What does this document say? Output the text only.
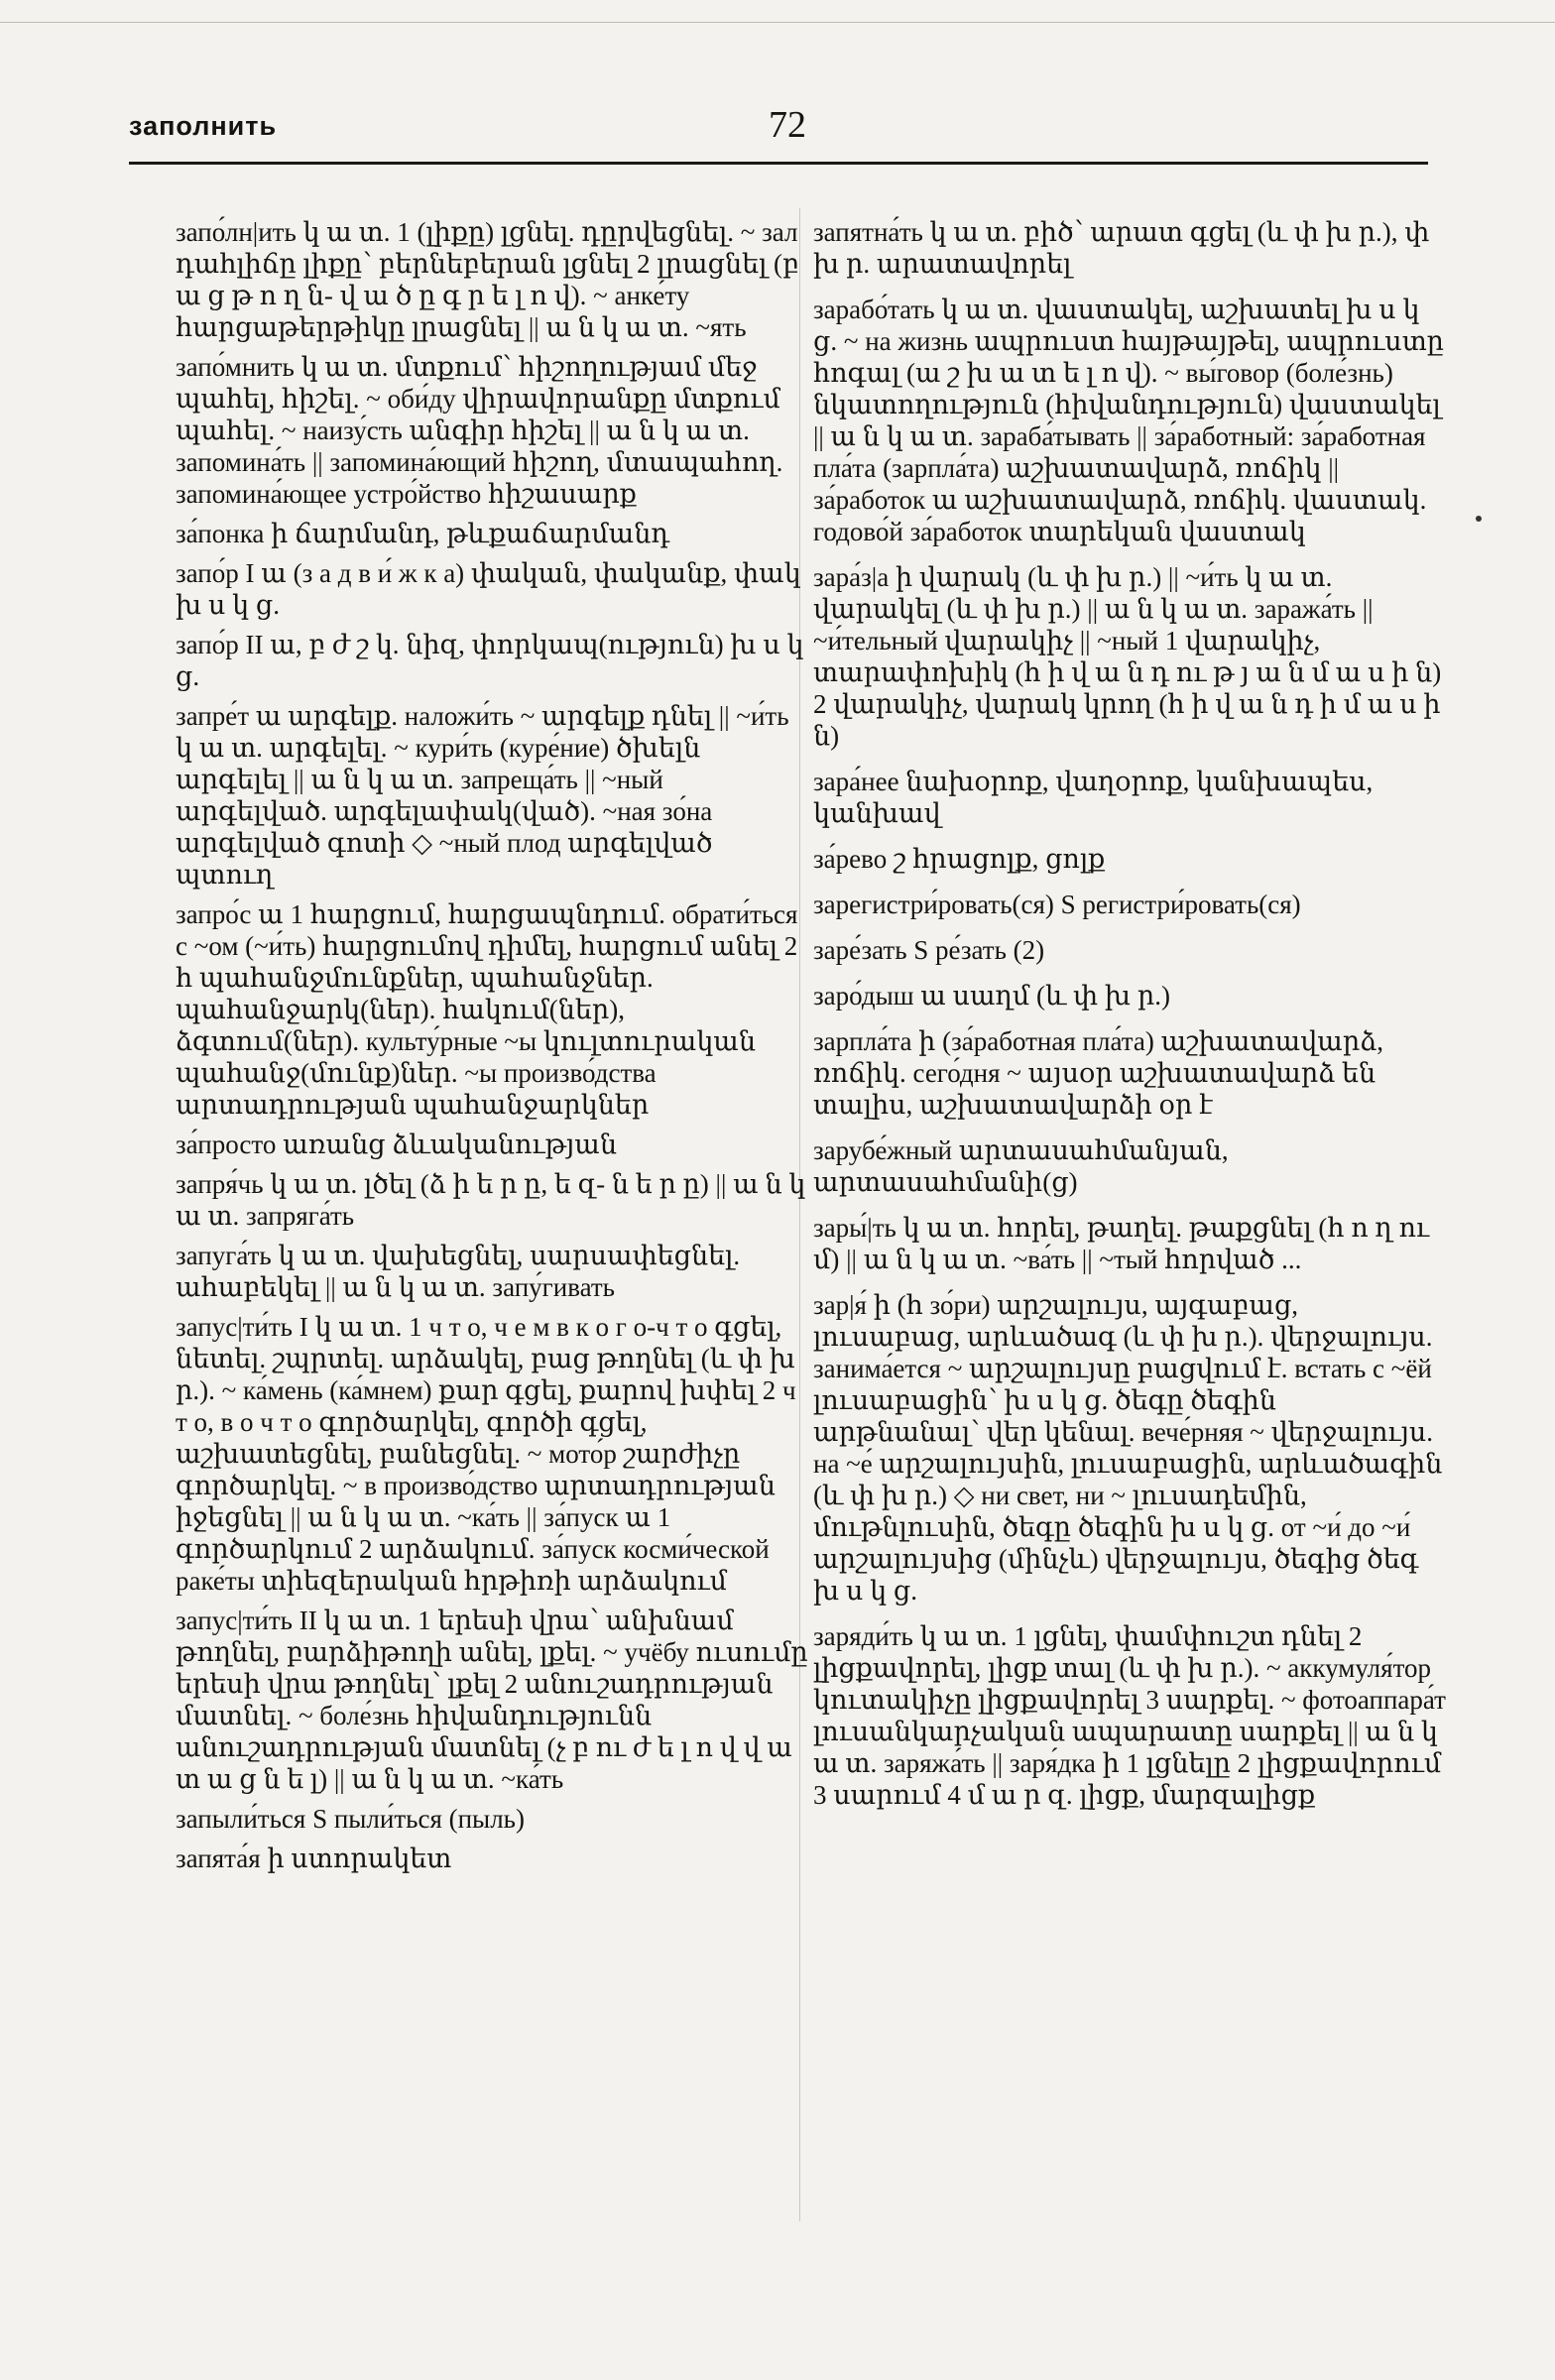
заполнить	72

запо́лн|ить կ ա տ. 1 (լիքը) լցնել. դըրվեցնել. ~ зал դահլիճը լիքը՝ բերնեբերան լցնել 2 լրացնել (բ ա ց թ ո ղ ն- վ ա ծ ը գ ր ե լ ո վ). ~ анке́ту հարցաթերթիկը լրացնել || ա ն կ ա տ. ~ять

запо́мнить կ ա տ. մտքում՝ հիշողությամ մեջ պահել, հիշել. ~ оби́ду վիրավորանքը մտքում պահել. ~ наизу́сть անգիր հիշել || ա ն կ ա տ. запомина́ть || запомина́ющий հիշող, մտապահող. запомина́ющее устро́йство հիշասարք

за́понка ի ճարմանդ, թևքաճարմանդ

запо́р I ա (з а д в и́ ж к а) փական, փականք, փակ խ ս կ ց.

запо́р II ա, բ ժ շ կ. նիզ, փորկապ(ություն) խ ս կ ց.

запре́т ա արգելք. наложи́ть ~ արգելք դնել || ~и́ть կ ա տ. արգելել. ~ кури́ть (куре́ние) ծխելն արգելել || ա ն կ ա տ. запреща́ть || ~ный արգելված. արգելափակ(ված). ~ная зо́на արգելված գոտի ◇ ~ный плод արգելված պտուղ

запро́с ա 1 հարցում, հարցապնդում. обрати́ться с ~ом (~и́ть) հարցումով դիմել, հարցում անել 2 հ պահանջմունքներ, պահանջներ. պահանջարկ(ներ). հակում(ներ), ձգտում(ներ). культу́рные ~ы կուլտուրական պահանջ(մունք)ներ. ~ы произво́дства արտադրության պահանջարկներ

за́просто առանց ձևականության

запря́чь կ ա տ. լծել (ձ ի ե ր ը, ե զ- ն ե ր ը) || ա ն կ ա տ. запряга́ть

запуга́ть կ ա տ. վախեցնել, սարսափեցնել. ահաբեկել || ա ն կ ա տ. запу́гивать

запус|ти́ть I կ ա տ. 1 ч т о, ч е м в к о г о-ч т о գցել, նետել. շպրտել. արձակել, բաց թողնել (և փ խ ր.). ~ ка́мень (ка́мнем) քար գցել, քարով խփել 2 ч т о, в о ч т о գործարկել, գործի գցել, աշխատեցնել, բանեցնել. ~ мото́р շարժիչը գործարկել. ~ в произво́дство արտադրության իջեցնել || ա ն կ ա տ. ~ка́ть || за́пуск ա 1 գործարկում 2 արձակում. за́пуск косми́ческой раке́ты տիեզերական հրթիռի արձակում

запус|ти́ть II կ ա տ. 1 երեսի վրա՝ անխնամ թողնել, բարձիթողի անել, լքել. ~ учёбу ուսումը երեսի վրա թողնել՝ լքել 2 անուշադրության մատնել. ~ боле́знь հիվանդությունն անուշադրության մատնել (չ բ ու ժ ե լ ո վ վ ա տ ա ց ն ե լ) || ա ն կ ա տ. ~ка́ть

запыли́ться S пыли́ться (пыль)

запята́я ի ստորակետ

запятна́ть կ ա տ. բիծ՝ արատ գցել (և փ խ ր.), փ խ ր. արատավորել

зарабо́тать կ ա տ. վաստակել, աշխատել խ ս կ ց. ~ на жизнь ապրուստ հայթայթել, ապրուստը հոգալ (ա շ խ ա տ ե լ ո վ). ~ вы́говор (боле́знь) նկատողություն (հիվանդություն) վաստակել || ա ն կ ա տ. зараба́тывать || за́работный: за́работная пла́та (зарпла́та) աշխատավարձ, ռոճիկ || за́работок ա աշխատավարձ, ռոճիկ. վաստակ. годово́й за́работок տարեկան վաստակ

зара́з|а ի վարակ (և փ խ ր.) || ~и́ть կ ա տ. վարակել (և փ խ ր.) || ա ն կ ա տ. заража́ть || ~и́тельный վարակիչ || ~ный 1 վարակիչ, տարափոխիկ (հ ի վ ա ն դ ու թ յ ա ն մ ա ս ի ն) 2 վարակիչ, վարակ կրող (հ ի վ ա ն դ ի մ ա ս ի ն)

зара́нее նախօրոք, վաղօրոք, կանխապես, կանխավ

за́рево շ հրացոլք, ցոլք

зарегистри́ровать(ся) S регистри́ровать(ся)

заре́зать S ре́зать (2)

заро́дыш ա սաղմ (և փ խ ր.)

зарпла́та ի (за́работная пла́та) աշխատավարձ, ռոճիկ. сего́дня ~ այսօր աշխատավարձ են տալիս, աշխատավարձի օր է

зарубе́жный արտասահմանյան, արտասահմանի(ց)

зары́|ть կ ա տ. հորել, թաղել. թաքցնել (հ ո ղ ու մ) || ա ն կ ա տ. ~ва́ть || ~тый հորված ...

зар|я́ ի (հ зо́ри) արշալույս, այգաբաց, լուսաբաց, արևածագ (և փ խ ր.). վերջալույս. занима́ется ~ արշալույսը բացվում է. встать с ~ёй լուսաբացին՝ խ ս կ ց. ծեգը ծեգին արթնանալ՝ վեր կենալ. вече́рняя ~ վերջալույս. на ~е́ արշալույսին, լուսաբացին, արևածագին (և փ խ ր.) ◇ ни свет, ни ~ լուսադեմին, մութնլուսին, ծեգը ծեգին խ ս կ ց. от ~и́ до ~и́ արշալույսից (մինչև) վերջալույս, ծեգից ծեգ խ ս կ ց.

заряди́ть կ ա տ. 1 լցնել, փամփուշտ դնել 2 լիցքավորել, լիցք տալ (և փ խ ր.). ~ аккумуля́тор կուտակիչը լիցքավորել 3 սարքել. ~ фотоаппара́т լուսանկարչական ապարատը սարքել || ա ն կ ա տ. заряжа́ть || заря́дка ի 1 լցնելը 2 լիցքավորում 3 սարում 4 մ ա ր զ. լիցք, մարզալիցք
